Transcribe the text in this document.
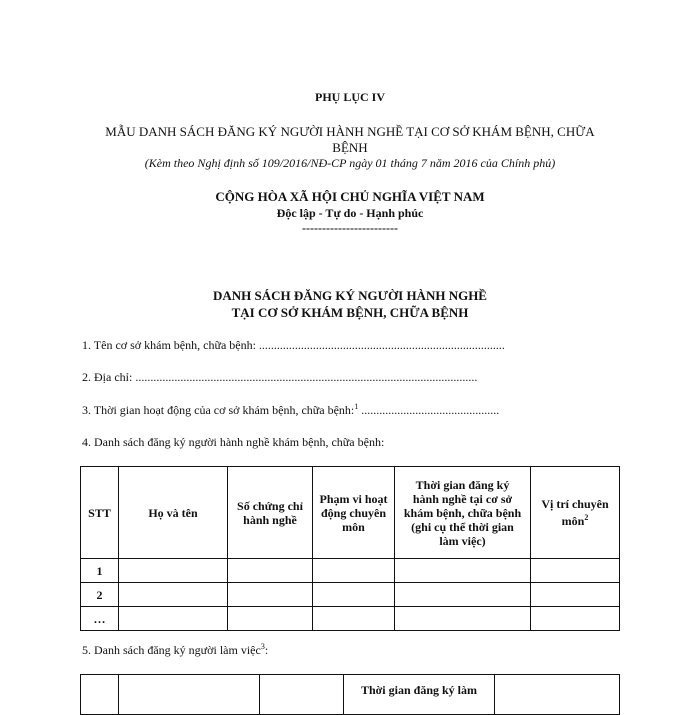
PHỤ LỤC IV
MẪU DANH SÁCH ĐĂNG KÝ NGƯỜI HÀNH NGHỀ TẠI CƠ SỞ KHÁM BỆNH, CHỮA
BỆNH
(Kèm theo Nghị định số 109/2016/NĐ-CP ngày 01 tháng 7 năm 2016 của Chính phủ)
CỘNG HÒA XÃ HỘI CHỦ NGHĨA VIỆT NAM
Độc lập - Tự do - Hạnh phúc
------------------------
DANH SÁCH ĐĂNG KÝ NGƯỜI HÀNH NGHỀ
TẠI CƠ SỞ KHÁM BỆNH, CHỮA BỆNH
1. Tên cơ sở khám bệnh, chữa bệnh: ..................................................................................
2. Địa chỉ: ..................................................................................................................
3. Thời gian hoạt động của cơ sở khám bệnh, chữa bệnh:$^1$ ..............................................
4. Danh sách đăng ký người hành nghề khám bệnh, chữa bệnh:
STT	Họ và tên	Số chứng chỉ
hành nghề	Phạm vi hoạt
động chuyên
môn	Thời gian đăng ký
hành nghề tại cơ sở
khám bệnh, chữa bệnh
(ghi cụ thể thời gian
làm việc)	Vị trí chuyên
môn$^2$
1					
2					
…					
5. Danh sách đăng ký người làm việc$^3$:
			Thời gian đăng ký làm	
